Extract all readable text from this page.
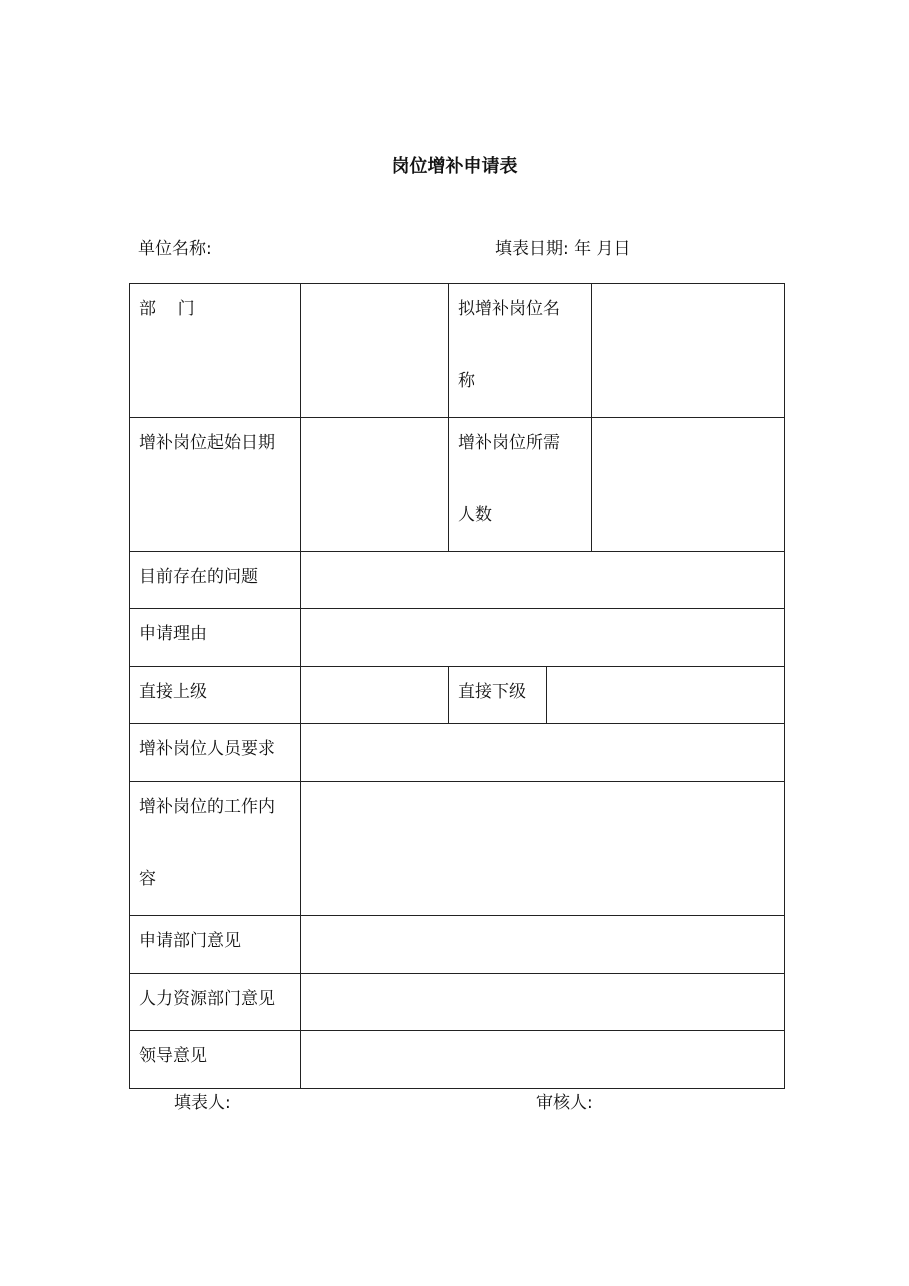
岗位增补申请表
单位名称:	填表日期: 年 月日
部    门		拟增补岗位名
称		

增补岗位起始日期		增补岗位所需
人数		

目前存在的问题				

申请理由				

直接上级		直接下级		

增补岗位人员要求				

增补岗位的工作内
容				

申请部门意见				

人力资源部门意见				

领导意见				

填表人:	审核人:
